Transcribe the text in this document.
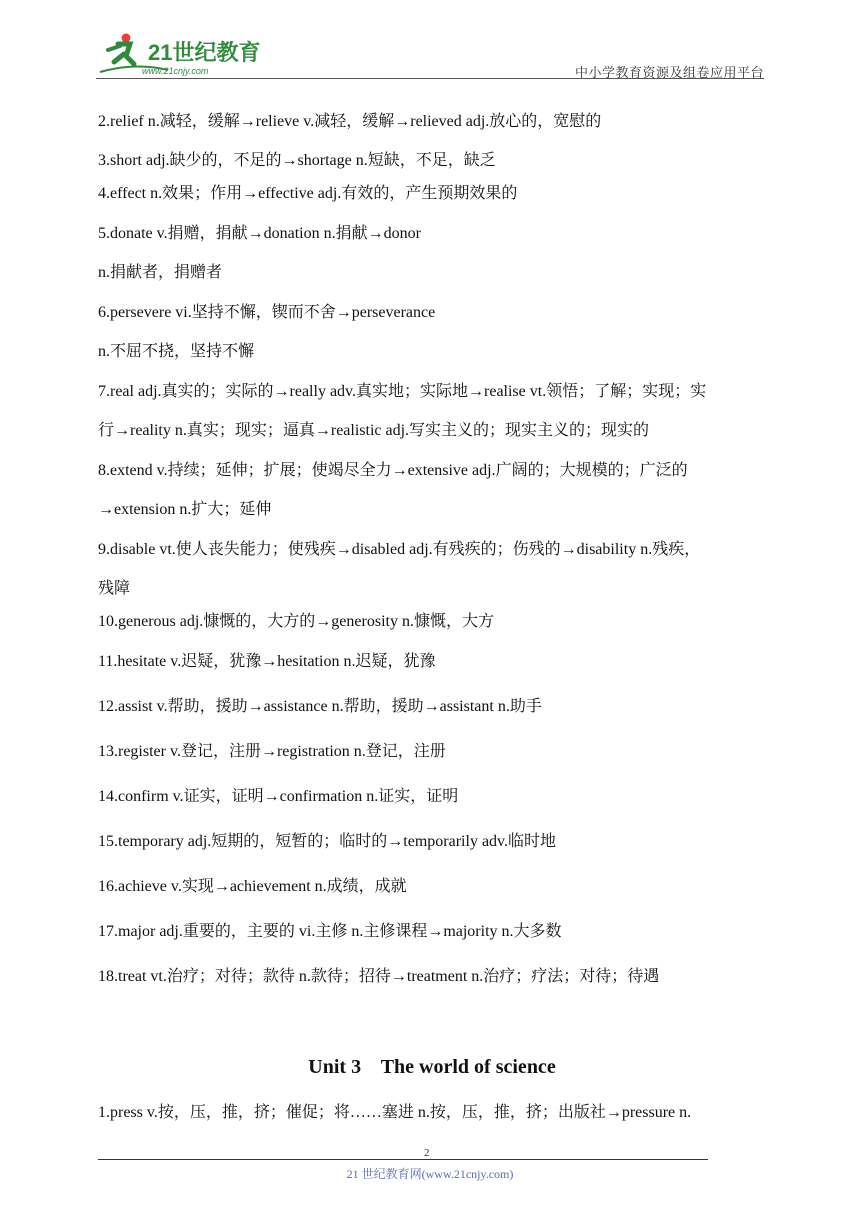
21世纪教育
www.21cnjy.com	中小学教育资源及组卷应用平台
2.relief n.减轻，缓解→relieve v.减轻，缓解→relieved adj.放心的，宽慰的
3.short adj.缺少的，不足的→shortage n.短缺，不足，缺乏
4.effect n.效果；作用→effective adj.有效的，产生预期效果的
5.donate v.捐赠，捐献→donation n.捐献→donor
n.捐献者，捐赠者
6.persevere vi.坚持不懈，锲而不舍→perseverance
n.不屈不挠，坚持不懈
7.real adj.真实的；实际的→really adv.真实地；实际地→realise vt.领悟；了解；实现；实
行→reality n.真实；现实；逼真→realistic adj.写实主义的；现实主义的；现实的
8.extend v.持续；延伸；扩展；使竭尽全力→extensive adj.广阔的；大规模的；广泛的
→extension n.扩大；延伸
9.disable vt.使人丧失能力；使残疾→disabled adj.有残疾的；伤残的→disability n.残疾，
残障
10.generous adj.慷慨的，大方的→generosity n.慷慨，大方
11.hesitate v.迟疑，犹豫→hesitation n.迟疑，犹豫
12.assist v.帮助，援助→assistance n.帮助，援助→assistant n.助手
13.register v.登记，注册→registration n.登记，注册
14.confirm v.证实，证明→confirmation n.证实，证明
15.temporary adj.短期的，短暂的；临时的→temporarily adv.临时地
16.achieve v.实现→achievement n.成绩，成就
17.major adj.重要的，主要的 vi.主修 n.主修课程→majority n.大多数
18.treat vt.治疗；对待；款待 n.款待；招待→treatment n.治疗；疗法；对待；待遇
Unit 3    The world of science
1.press v.按，压，推，挤；催促；将……塞进 n.按，压，推，挤；出版社→pressure n.
2
21 世纪教育网(www.21cnjy.com)
